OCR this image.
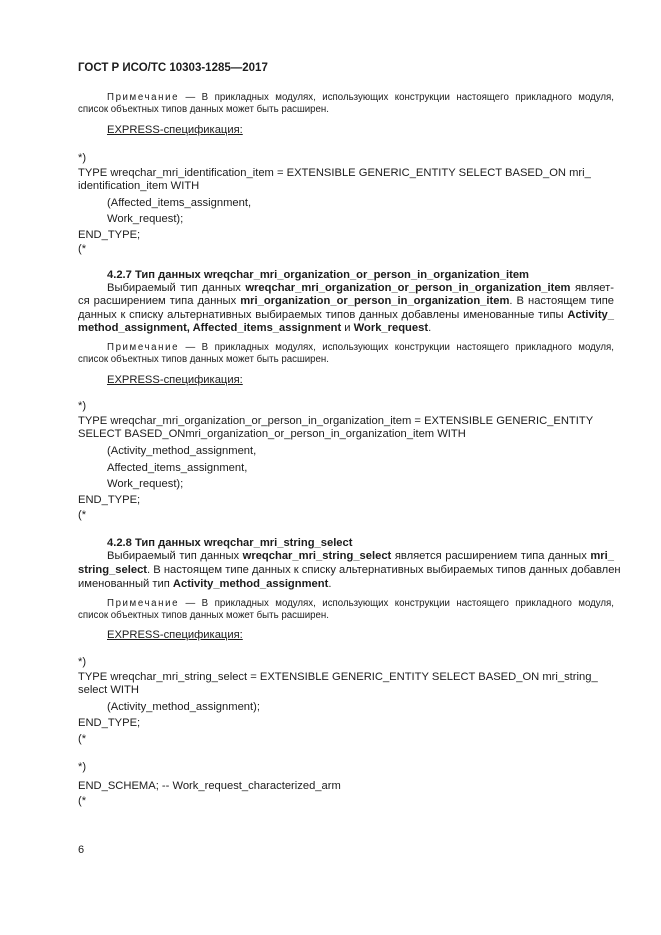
ГОСТ Р ИСО/ТС 10303-1285—2017
Примечание — В прикладных модулях, использующих конструкции настоящего прикладного модуля,
список объектных типов данных может быть расширен.
EXPRESS-спецификация:
*)
TYPE wreqchar_mri_identification_item = EXTENSIBLE GENERIC_ENTITY SELECT BASED_ON mri_
identification_item WITH
(Affected_items_assignment,
Work_request);
END_TYPE;
(*
4.2.7 Тип данных wreqchar_mri_organization_or_person_in_organization_item
Выбираемый тип данных wreqchar_mri_organization_or_person_in_organization_item являет-
ся расширением типа данных mri_organization_or_person_in_organization_item. В настоящем типе
данных к списку альтернативных выбираемых типов данных добавлены именованные типы Activity_
method_assignment, Affected_items_assignment и Work_request.
Примечание — В прикладных модулях, использующих конструкции настоящего прикладного модуля,
список объектных типов данных может быть расширен.
EXPRESS-спецификация:
*)
TYPE wreqchar_mri_organization_or_person_in_organization_item = EXTENSIBLE GENERIC_ENTITY
SELECT BASED_ONmri_organization_or_person_in_organization_item WITH
(Activity_method_assignment,
Affected_items_assignment,
Work_request);
END_TYPE;
(*
4.2.8 Тип данных wreqchar_mri_string_select
Выбираемый тип данных wreqchar_mri_string_select является расширением типа данных mri_
string_select. В настоящем типе данных к списку альтернативных выбираемых типов данных добавлен
именованный тип Activity_method_assignment.
Примечание — В прикладных модулях, использующих конструкции настоящего прикладного модуля,
список объектных типов данных может быть расширен.
EXPRESS-спецификация:
*)
TYPE wreqchar_mri_string_select = EXTENSIBLE GENERIC_ENTITY SELECT BASED_ON mri_string_
select WITH
(Activity_method_assignment);
END_TYPE;
(*
*)
END_SCHEMA; -- Work_request_characterized_arm
(*
6
